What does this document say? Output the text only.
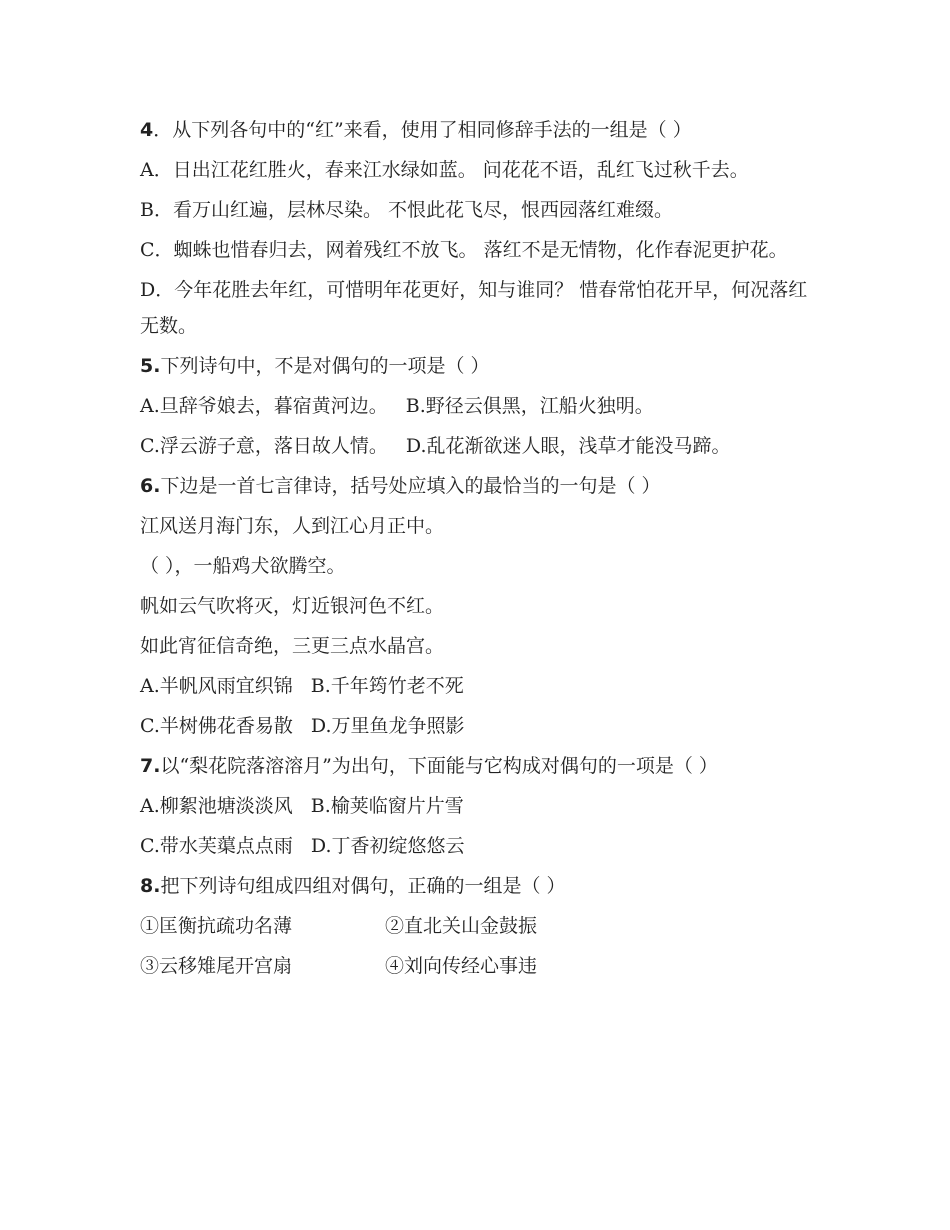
4．从下列各句中的“红”来看，使用了相同修辞手法的一组是（ ）
A．日出江花红胜火，春来江水绿如蓝。 问花花不语，乱红飞过秋千去。
B．看万山红遍，层林尽染。 不恨此花飞尽，恨西园落红难缀。
C．蜘蛛也惜春归去，网着残红不放飞。 落红不是无情物，化作春泥更护花。
D．今年花胜去年红，可惜明年花更好，知与谁同？ 惜春常怕花开早，何况落红无数。
5.下列诗句中，不是对偶句的一项是（ ）
A.旦辞爷娘去，暮宿黄河边。 B.野径云俱黑，江船火独明。
C.浮云游子意，落日故人情。 D.乱花渐欲迷人眼，浅草才能没马蹄。
6.下边是一首七言律诗，括号处应填入的最恰当的一句是（ ）
江风送月海门东，人到江心月正中。
（ ），一船鸡犬欲腾空。
帆如云气吹将灭，灯近银河色不红。
如此宵征信奇绝，三更三点水晶宫。
A.半帆风雨宜织锦 B.千年筠竹老不死
C.半树佛花香易散 D.万里鱼龙争照影
7.以“梨花院落溶溶月”为出句，下面能与它构成对偶句的一项是（ ）
A.柳絮池塘淡淡风 B.榆荚临窗片片雪
C.带水芙蕖点点雨 D.丁香初绽悠悠云
8.把下列诗句组成四组对偶句，正确的一组是（ ）
①匡衡抗疏功名薄	②直北关山金鼓振
③云移雉尾开宫扇	④刘向传经心事违
